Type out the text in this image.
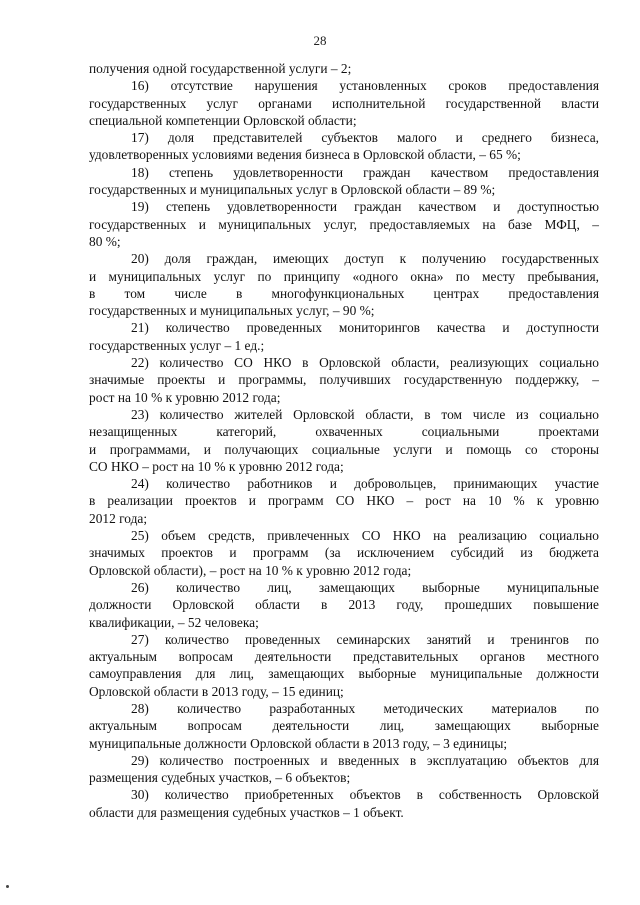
28
получения одной государственной услуги – 2;
16) отсутствие нарушения установленных сроков предоставления
государственных услуг органами исполнительной государственной власти
специальной компетенции Орловской области;
17) доля представителей субъектов малого и среднего бизнеса,
удовлетворенных условиями ведения бизнеса в Орловской области, – 65 %;
18) степень удовлетворенности граждан качеством предоставления
государственных и муниципальных услуг в Орловской области – 89 %;
19) степень удовлетворенности граждан качеством и доступностью
государственных и муниципальных услуг, предоставляемых на базе МФЦ, –
80 %;
20) доля граждан, имеющих доступ к получению государственных
и муниципальных услуг по принципу «одного окна» по месту пребывания,
в том числе в многофункциональных центрах предоставления
государственных и муниципальных услуг, – 90 %;
21) количество проведенных мониторингов качества и доступности
государственных услуг – 1 ед.;
22) количество СО НКО в Орловской области, реализующих социально
значимые проекты и программы, получивших государственную поддержку, –
рост на 10 % к уровню 2012 года;
23) количество жителей Орловской области, в том числе из социально
незащищенных категорий, охваченных социальными проектами
и программами, и получающих социальные услуги и помощь со стороны
СО НКО – рост на 10 % к уровню 2012 года;
24) количество работников и добровольцев, принимающих участие
в реализации проектов и программ СО НКО – рост на 10 % к уровню
2012 года;
25) объем средств, привлеченных СО НКО на реализацию социально
значимых проектов и программ (за исключением субсидий из бюджета
Орловской области), – рост на 10 % к уровню 2012 года;
26) количество лиц, замещающих выборные муниципальные
должности Орловской области в 2013 году, прошедших повышение
квалификации, – 52 человека;
27) количество проведенных семинарских занятий и тренингов по
актуальным вопросам деятельности представительных органов местного
самоуправления для лиц, замещающих выборные муниципальные должности
Орловской области в 2013 году, – 15 единиц;
28) количество разработанных методических материалов по
актуальным вопросам деятельности лиц, замещающих выборные
муниципальные должности Орловской области в 2013 году, – 3 единицы;
29) количество построенных и введенных в эксплуатацию объектов для
размещения судебных участков, – 6 объектов;
30) количество приобретенных объектов в собственность Орловской
области для размещения судебных участков – 1 объект.
